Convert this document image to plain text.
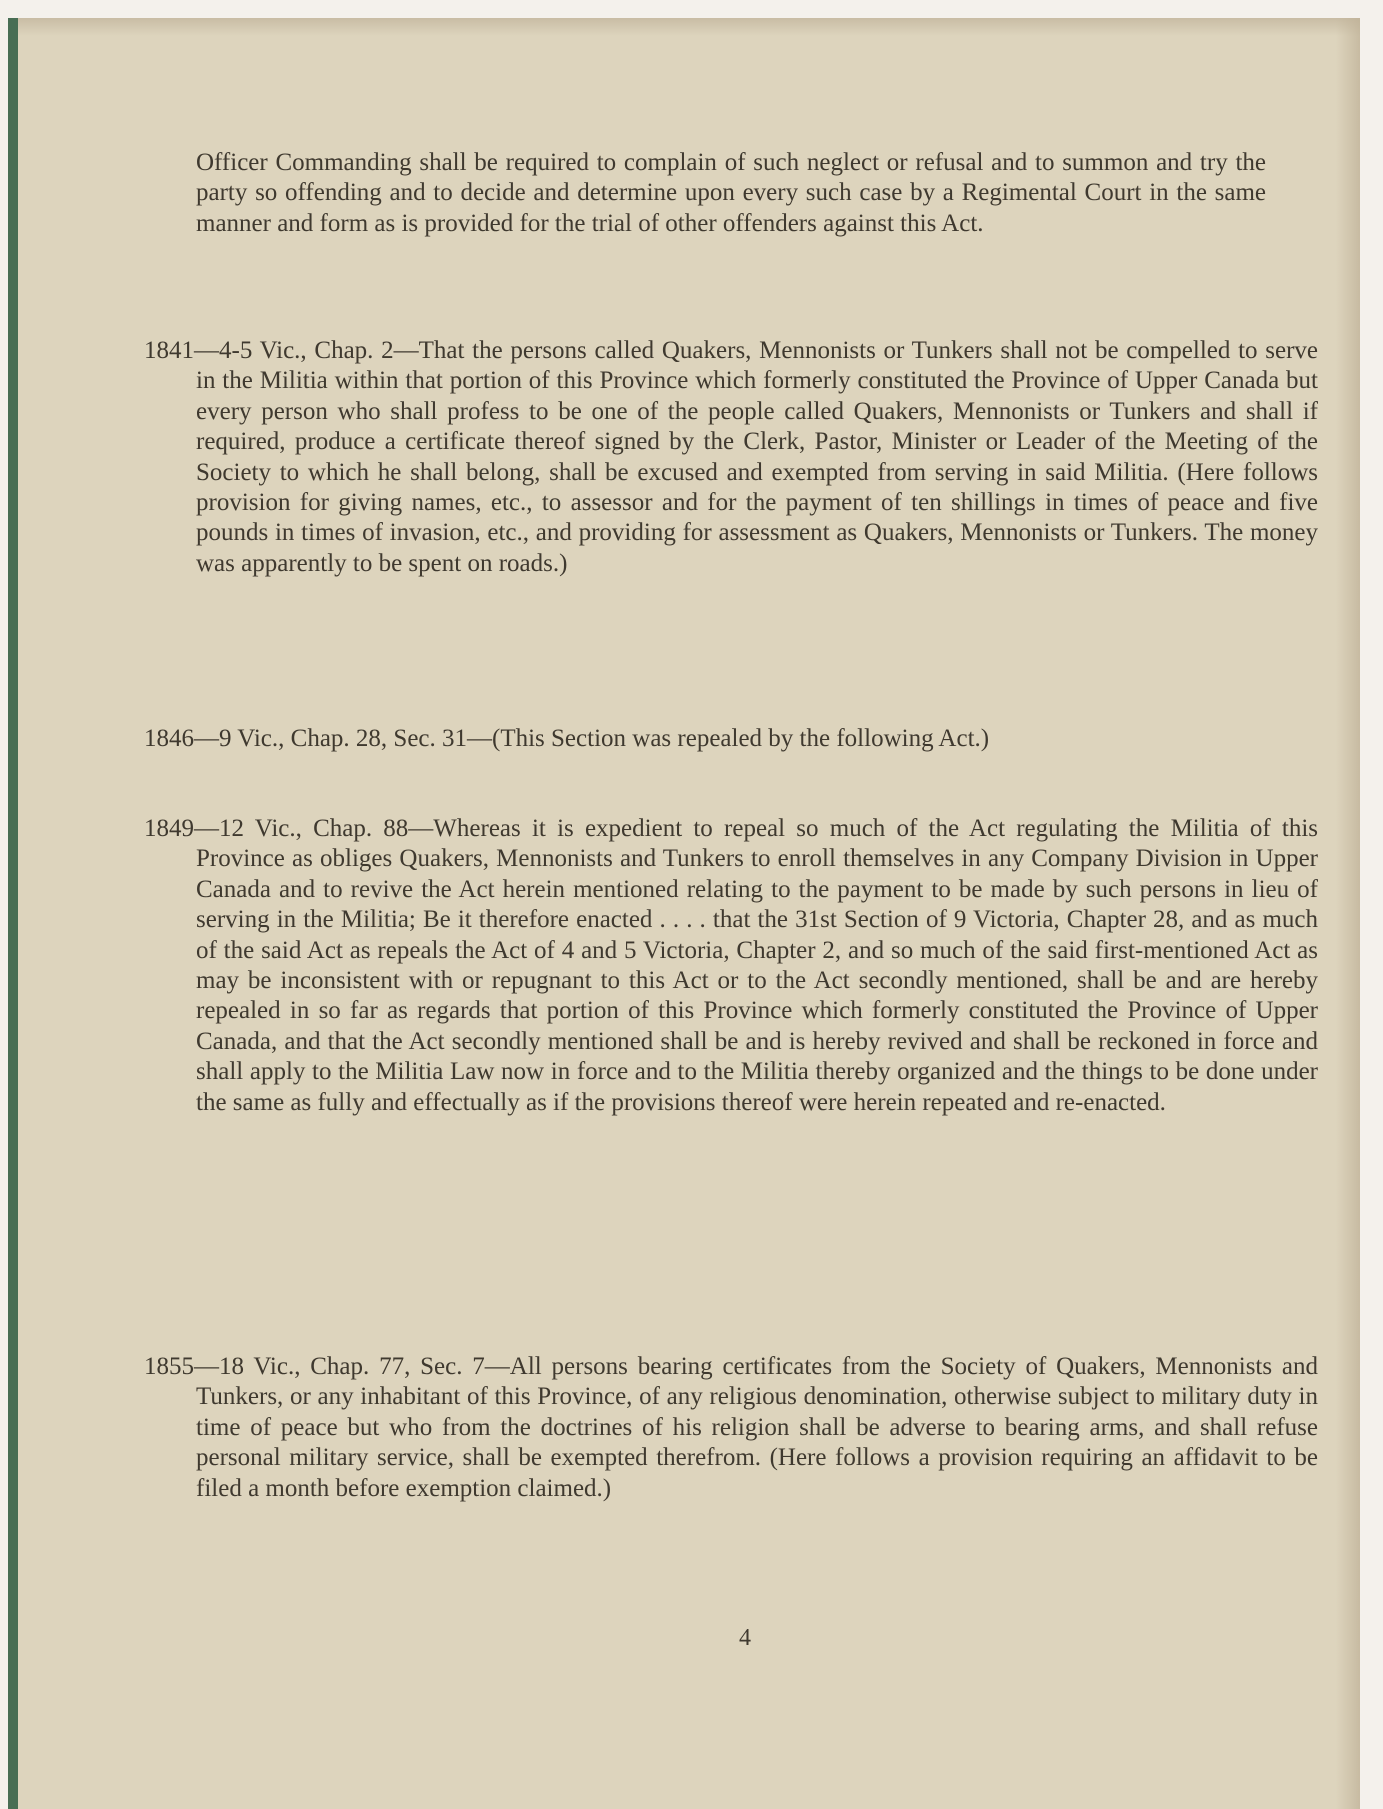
Officer Commanding shall be required to complain of such neglect or refusal and to summon and try the party so offending and to decide and determine upon every such case by a Regimental Court in the same manner and form as is provided for the trial of other offenders against this Act.

1841—4-5 Vic., Chap. 2—That the persons called Quakers, Mennonists or Tunkers shall not be compelled to serve in the Militia within that portion of this Province which formerly constituted the Province of Upper Canada but every person who shall profess to be one of the people called Quakers, Mennonists or Tunkers and shall if required, produce a certificate thereof signed by the Clerk, Pastor, Minister or Leader of the Meeting of the Society to which he shall belong, shall be excused and exempted from serving in said Militia. (Here follows provision for giving names, etc., to assessor and for the payment of ten shillings in times of peace and five pounds in times of invasion, etc., and providing for assessment as Quakers, Mennonists or Tunkers. The money was apparently to be spent on roads.)

1846—9 Vic., Chap. 28, Sec. 31—(This Section was repealed by the following Act.)

1849—12 Vic., Chap. 88—Whereas it is expedient to repeal so much of the Act regulating the Militia of this Province as obliges Quakers, Mennonists and Tunkers to enroll themselves in any Company Division in Upper Canada and to revive the Act herein mentioned relating to the payment to be made by such persons in lieu of serving in the Militia; Be it therefore enacted . . . . that the 31st Section of 9 Victoria, Chapter 28, and as much of the said Act as repeals the Act of 4 and 5 Victoria, Chapter 2, and so much of the said first-mentioned Act as may be inconsistent with or repugnant to this Act or to the Act secondly mentioned, shall be and are hereby repealed in so far as regards that portion of this Province which formerly constituted the Province of Upper Canada, and that the Act secondly mentioned shall be and is hereby revived and shall be reckoned in force and shall apply to the Militia Law now in force and to the Militia thereby organized and the things to be done under the same as fully and effectually as if the provisions thereof were herein repeated and re-enacted.

1855—18 Vic., Chap. 77, Sec. 7—All persons bearing certificates from the Society of Quakers, Mennonists and Tunkers, or any inhabitant of this Province, of any religious denomination, otherwise subject to military duty in time of peace but who from the doctrines of his religion shall be adverse to bearing arms, and shall refuse personal military service, shall be exempted therefrom. (Here follows a provision requiring an affidavit to be filed a month before exemption claimed.)

4
